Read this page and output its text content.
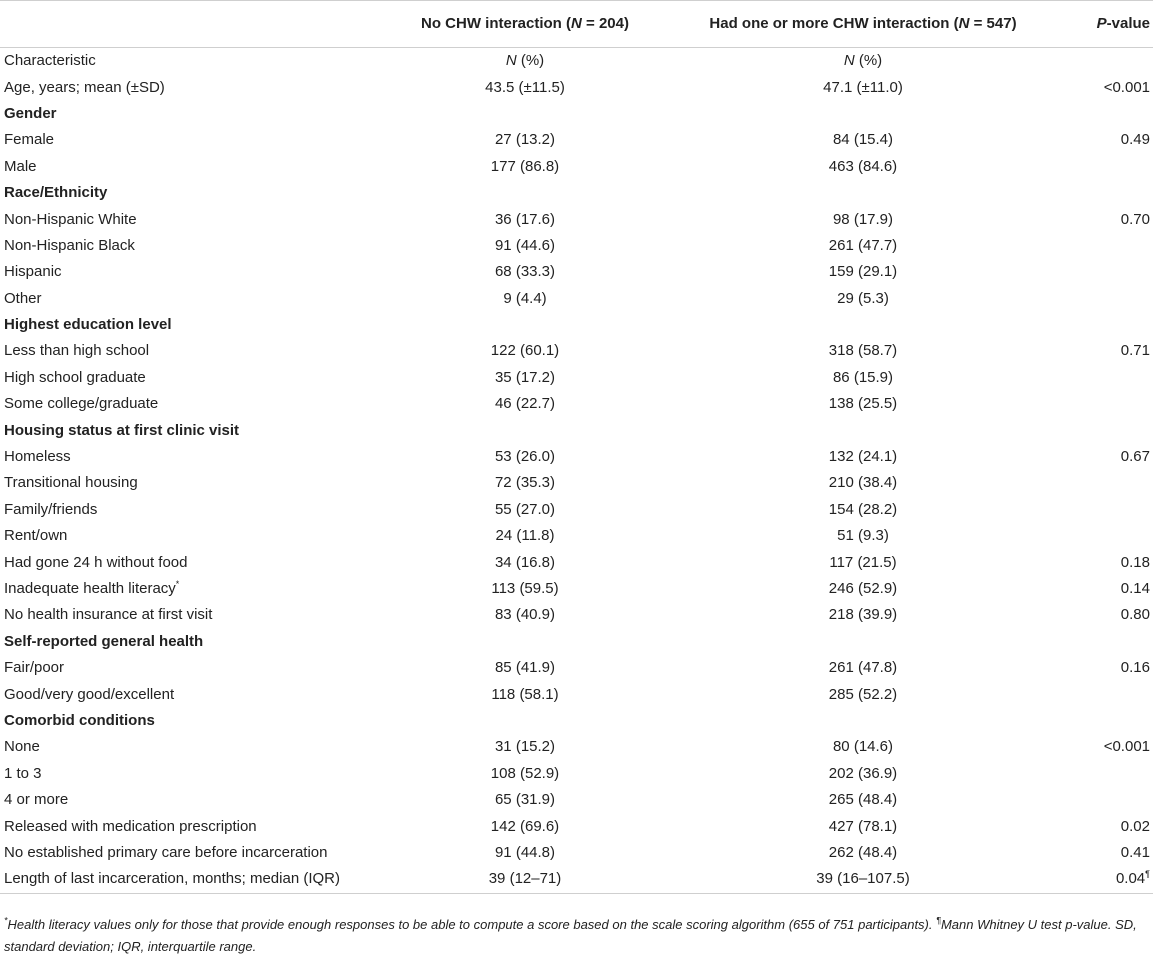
	No CHW interaction (N = 204)	Had one or more CHW interaction (N = 547)	P-value
Characteristic	N (%)	N (%)	
Age, years; mean (±SD)	43.5 (±11.5)	47.1 (±11.0)	<0.001
Gender			
Female	27 (13.2)	84 (15.4)	0.49
Male	177 (86.8)	463 (84.6)	
Race/Ethnicity			
Non-Hispanic White	36 (17.6)	98 (17.9)	0.70
Non-Hispanic Black	91 (44.6)	261 (47.7)	
Hispanic	68 (33.3)	159 (29.1)	
Other	9 (4.4)	29 (5.3)	
Highest education level			
Less than high school	122 (60.1)	318 (58.7)	0.71
High school graduate	35 (17.2)	86 (15.9)	
Some college/graduate	46 (22.7)	138 (25.5)	
Housing status at first clinic visit			
Homeless	53 (26.0)	132 (24.1)	0.67
Transitional housing	72 (35.3)	210 (38.4)	
Family/friends	55 (27.0)	154 (28.2)	
Rent/own	24 (11.8)	51 (9.3)	
Had gone 24 h without food	34 (16.8)	117 (21.5)	0.18
Inadequate health literacy*	113 (59.5)	246 (52.9)	0.14
No health insurance at first visit	83 (40.9)	218 (39.9)	0.80
Self-reported general health			
Fair/poor	85 (41.9)	261 (47.8)	0.16
Good/very good/excellent	118 (58.1)	285 (52.2)	
Comorbid conditions			
None	31 (15.2)	80 (14.6)	<0.001
1 to 3	108 (52.9)	202 (36.9)	
4 or more	65 (31.9)	265 (48.4)	
Released with medication prescription	142 (69.6)	427 (78.1)	0.02
No established primary care before incarceration	91 (44.8)	262 (48.4)	0.41
Length of last incarceration, months; median (IQR)	39 (12–71)	39 (16–107.5)	0.04¶
*Health literacy values only for those that provide enough responses to be able to compute a score based on the scale scoring algorithm (655 of 751 participants). ¶Mann Whitney U test p-value. SD, standard deviation; IQR, interquartile range.
